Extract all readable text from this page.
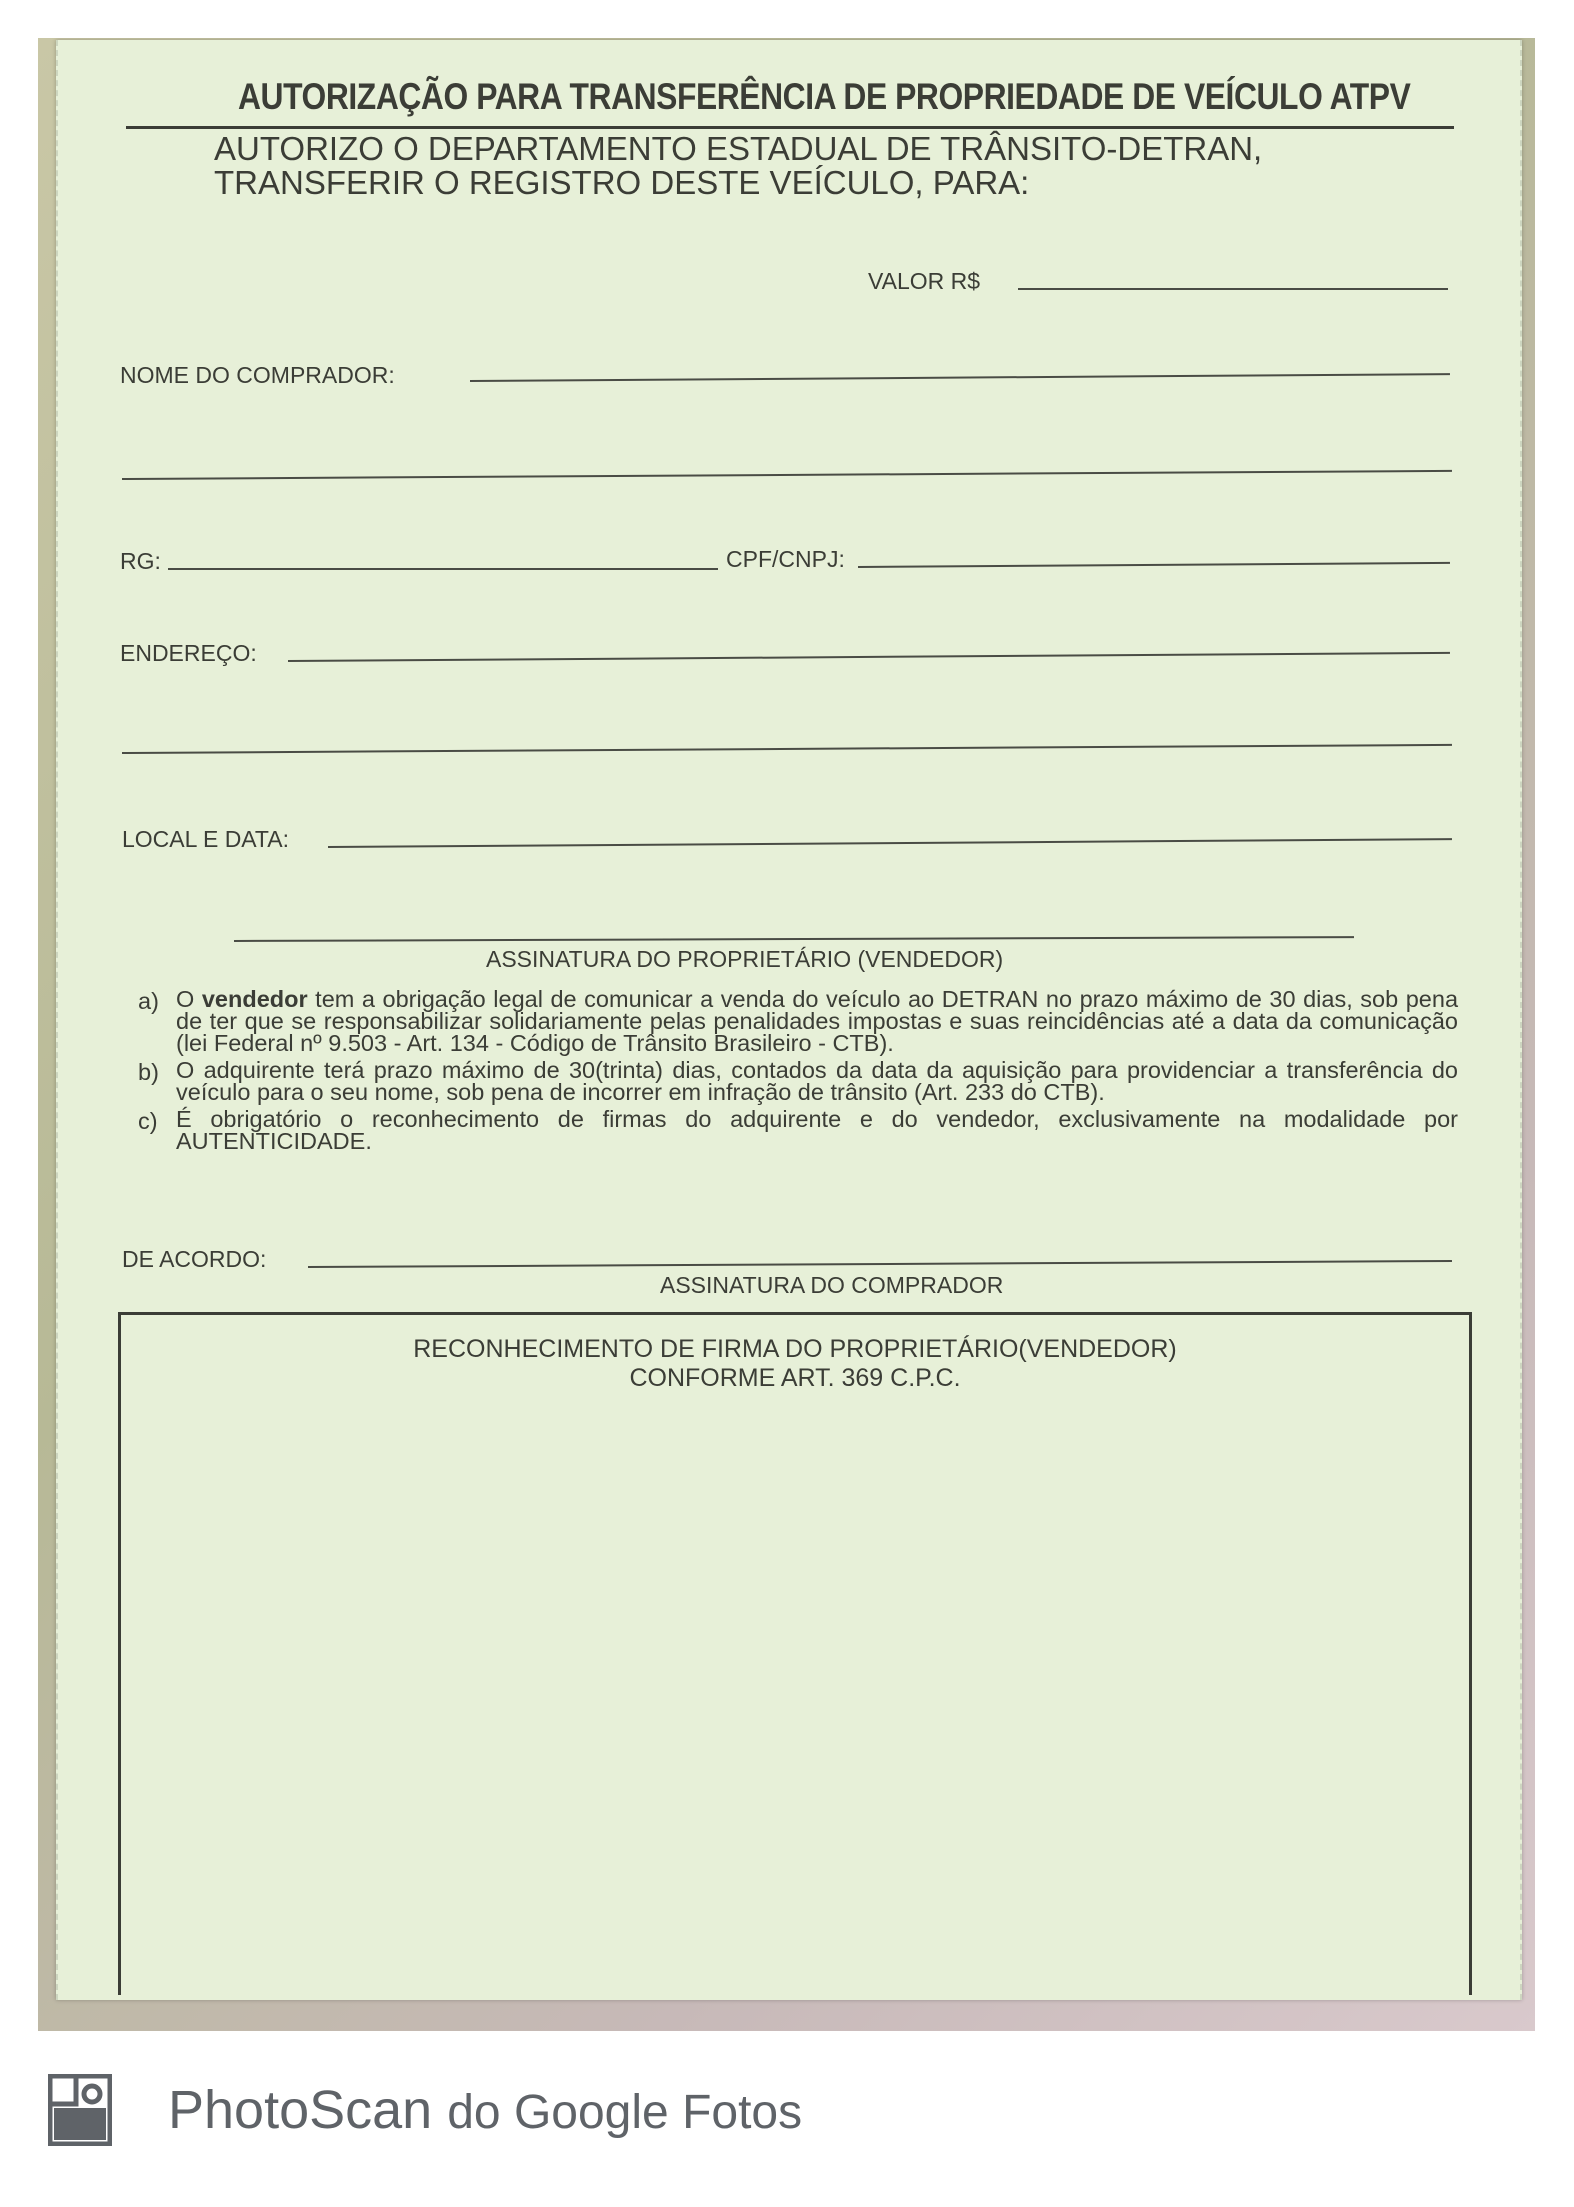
AUTORIZAÇÃO PARA TRANSFERÊNCIA DE PROPRIEDADE DE VEÍCULO ATPV
AUTORIZO O DEPARTAMENTO ESTADUAL DE TRÂNSITO-DETRAN,
TRANSFERIR O REGISTRO DESTE VEÍCULO, PARA:
VALOR R$
NOME DO COMPRADOR:
RG:	CPF/CNPJ:
ENDEREÇO:
LOCAL E DATA:
ASSINATURA DO PROPRIETÁRIO (VENDEDOR)
a) O vendedor tem a obrigação legal de comunicar a venda do veículo ao DETRAN no prazo máximo de 30 dias, sob pena de ter que se responsabilizar solidariamente pelas penalidades impostas e suas reincidências até a data da comunicação (lei Federal nº 9.503 - Art. 134 - Código de Trânsito Brasileiro - CTB).
b) O adquirente terá prazo máximo de 30(trinta) dias, contados da data da aquisição para providenciar a transferência do veículo para o seu nome, sob pena de incorrer em infração de trânsito (Art. 233 do CTB).
c) É obrigatório o reconhecimento de firmas do adquirente e do vendedor, exclusivamente na modalidade por AUTENTICIDADE.
DE ACORDO:
ASSINATURA DO COMPRADOR
RECONHECIMENTO DE FIRMA DO PROPRIETÁRIO(VENDEDOR)
CONFORME ART. 369 C.P.C.
PhotoScan do Google Fotos
